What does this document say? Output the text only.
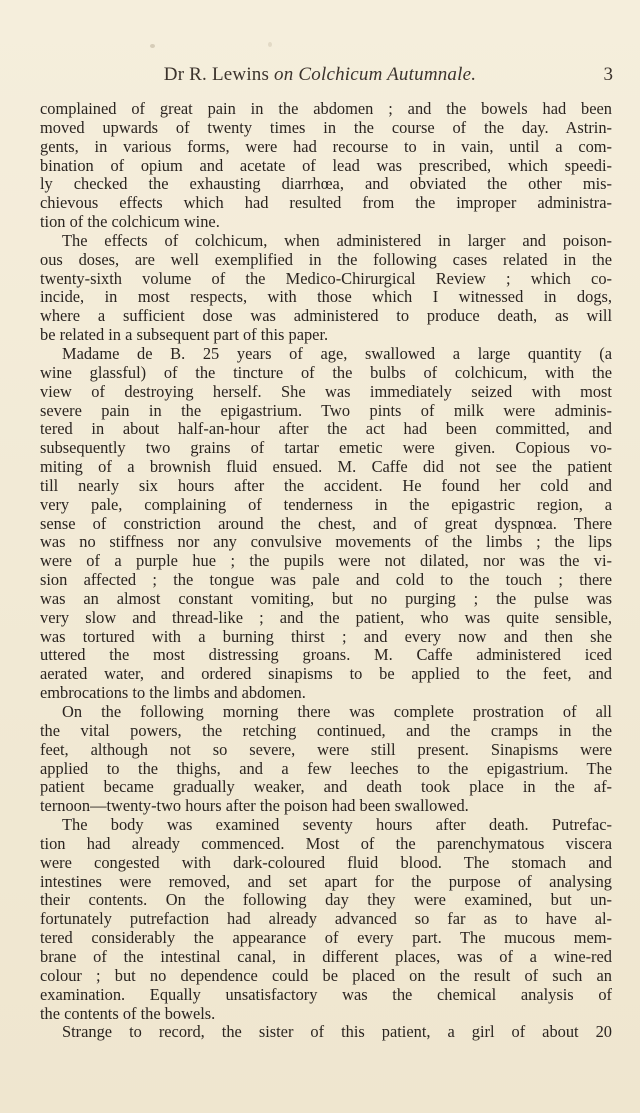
Dr R. Lewins on Colchicum Autumnale.	3
complained of great pain in the abdomen ; and the bowels had been
moved upwards of twenty times in the course of the day. Astrin-
gents, in various forms, were had recourse to in vain, until a com-
bination of opium and acetate of lead was prescribed, which speedi-
ly checked the exhausting diarrhœa, and obviated the other mis-
chievous effects which had resulted from the improper administra-
tion of the colchicum wine.
The effects of colchicum, when administered in larger and poison-
ous doses, are well exemplified in the following cases related in the
twenty-sixth volume of the Medico-Chirurgical Review ; which co-
incide, in most respects, with those which I witnessed in dogs,
where a sufficient dose was administered to produce death, as will
be related in a subsequent part of this paper.
Madame de B. 25 years of age, swallowed a large quantity (a
wine glassful) of the tincture of the bulbs of colchicum, with the
view of destroying herself. She was immediately seized with most
severe pain in the epigastrium. Two pints of milk were adminis-
tered in about half-an-hour after the act had been committed, and
subsequently two grains of tartar emetic were given. Copious vo-
miting of a brownish fluid ensued. M. Caffe did not see the patient
till nearly six hours after the accident. He found her cold and
very pale, complaining of tenderness in the epigastric region, a
sense of constriction around the chest, and of great dyspnœa. There
was no stiffness nor any convulsive movements of the limbs ; the lips
were of a purple hue ; the pupils were not dilated, nor was the vi-
sion affected ; the tongue was pale and cold to the touch ; there
was an almost constant vomiting, but no purging ; the pulse was
very slow and thread-like ; and the patient, who was quite sensible,
was tortured with a burning thirst ; and every now and then she
uttered the most distressing groans. M. Caffe administered iced
aerated water, and ordered sinapisms to be applied to the feet, and
embrocations to the limbs and abdomen.
On the following morning there was complete prostration of all
the vital powers, the retching continued, and the cramps in the
feet, although not so severe, were still present. Sinapisms were
applied to the thighs, and a few leeches to the epigastrium. The
patient became gradually weaker, and death took place in the af-
ternoon—twenty-two hours after the poison had been swallowed.
The body was examined seventy hours after death. Putrefac-
tion had already commenced. Most of the parenchymatous viscera
were congested with dark-coloured fluid blood. The stomach and
intestines were removed, and set apart for the purpose of analysing
their contents. On the following day they were examined, but un-
fortunately putrefaction had already advanced so far as to have al-
tered considerably the appearance of every part. The mucous mem-
brane of the intestinal canal, in different places, was of a wine-red
colour ; but no dependence could be placed on the result of such an
examination. Equally unsatisfactory was the chemical analysis of
the contents of the bowels.
Strange to record, the sister of this patient, a girl of about 20
